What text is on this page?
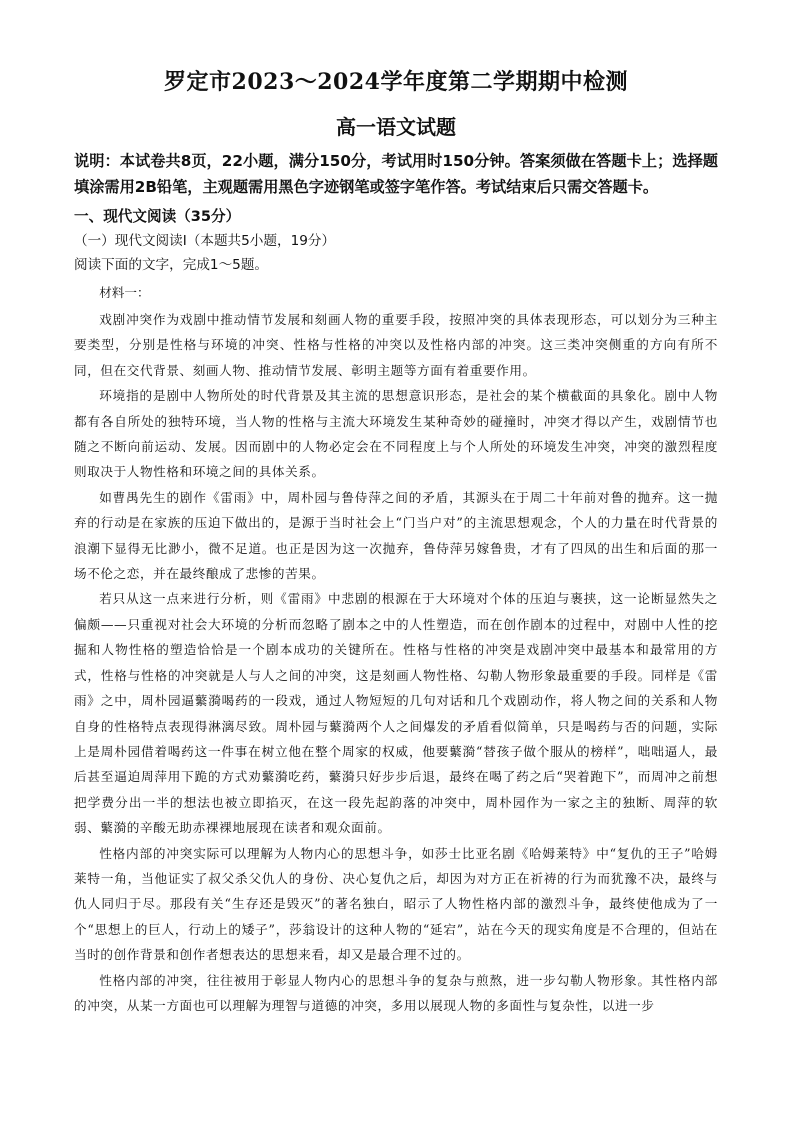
罗定市2023～2024学年度第二学期期中检测
高一语文试题

说明：本试卷共8页，22小题，满分150分，考试用时150分钟。答案须做在答题卡上；选择题填涂需用2B铅笔，主观题需用黑色字迹钢笔或签字笔作答。考试结束后只需交答题卡。

一、现代文阅读（35分）

（一）现代文阅读Ⅰ（本题共5小题，19分）

阅读下面的文字，完成1～5题。

材料一：

戏剧冲突作为戏剧中推动情节发展和刻画人物的重要手段，按照冲突的具体表现形态，可以划分为三种主要类型，分别是性格与环境的冲突、性格与性格的冲突以及性格内部的冲突。这三类冲突侧重的方向有所不同，但在交代背景、刻画人物、推动情节发展、彰明主题等方面有着重要作用。

环境指的是剧中人物所处的时代背景及其主流的思想意识形态，是社会的某个横截面的具象化。剧中人物都有各自所处的独特环境，当人物的性格与主流大环境发生某种奇妙的碰撞时，冲突才得以产生，戏剧情节也随之不断向前运动、发展。因而剧中的人物必定会在不同程度上与个人所处的环境发生冲突，冲突的激烈程度则取决于人物性格和环境之间的具体关系。

如曹禺先生的剧作《雷雨》中，周朴园与鲁侍萍之间的矛盾，其源头在于周二十年前对鲁的抛弃。这一抛弃的行动是在家族的压迫下做出的，是源于当时社会上“门当户对”的主流思想观念，个人的力量在时代背景的浪潮下显得无比渺小，微不足道。也正是因为这一次抛弃，鲁侍萍另嫁鲁贵，才有了四凤的出生和后面的那一场不伦之恋，并在最终酿成了悲惨的苦果。

若只从这一点来进行分析，则《雷雨》中悲剧的根源在于大环境对个体的压迫与裹挟，这一论断显然失之偏颇——只重视对社会大环境的分析而忽略了剧本之中的人性塑造，而在创作剧本的过程中，对剧中人性的挖掘和人物性格的塑造恰恰是一个剧本成功的关键所在。性格与性格的冲突是戏剧冲突中最基本和最常用的方式，性格与性格的冲突就是人与人之间的冲突，这是刻画人物性格、勾勒人物形象最重要的手段。同样是《雷雨》之中，周朴园逼蘩漪喝药的一段戏，通过人物短短的几句对话和几个戏剧动作，将人物之间的关系和人物自身的性格特点表现得淋漓尽致。周朴园与蘩漪两个人之间爆发的矛盾看似简单，只是喝药与否的问题，实际上是周朴园借着喝药这一件事在树立他在整个周家的权威，他要蘩漪“替孩子做个服从的榜样”，咄咄逼人，最后甚至逼迫周萍用下跪的方式劝蘩漪吃药，蘩漪只好步步后退，最终在喝了药之后“哭着跑下”，而周冲之前想把学费分出一半的想法也被立即掐灭，在这一段先起韵落的冲突中，周朴园作为一家之主的独断、周萍的软弱、蘩漪的辛酸无助赤裸裸地展现在读者和观众面前。

性格内部的冲突实际可以理解为人物内心的思想斗争，如莎士比亚名剧《哈姆莱特》中“复仇的王子”哈姆莱特一角，当他证实了叔父杀父仇人的身份、决心复仇之后，却因为对方正在祈祷的行为而犹豫不决，最终与仇人同归于尽。那段有关“生存还是毁灭”的著名独白，昭示了人物性格内部的激烈斗争，最终使他成为了一个“思想上的巨人，行动上的矮子”，莎翁设计的这种人物的“延宕”，站在今天的现实角度是不合理的，但站在当时的创作背景和创作者想表达的思想来看，却又是最合理不过的。

性格内部的冲突，往往被用于彰显人物内心的思想斗争的复杂与煎熬，进一步勾勒人物形象。其性格内部的冲突，从某一方面也可以理解为理智与道德的冲突，多用以展现人物的多面性与复杂性，以进一步
